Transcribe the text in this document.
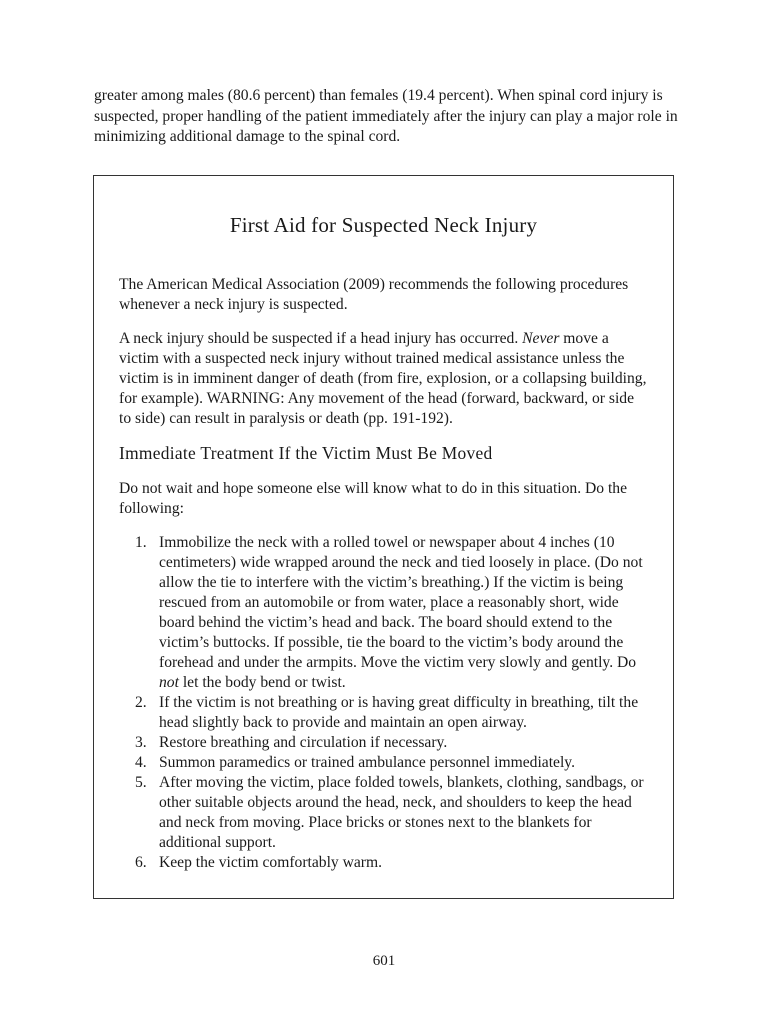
greater among males (80.6 percent) than females (19.4 percent). When spinal cord injury is suspected, proper handling of the patient immediately after the injury can play a major role in minimizing additional damage to the spinal cord.

First Aid for Suspected Neck Injury

The American Medical Association (2009) recommends the following procedures whenever a neck injury is suspected.

A neck injury should be suspected if a head injury has occurred. Never move a victim with a suspected neck injury without trained medical assistance unless the victim is in imminent danger of death (from fire, explosion, or a collapsing building, for example). WARNING: Any movement of the head (forward, backward, or side to side) can result in paralysis or death (pp. 191-192).

Immediate Treatment If the Victim Must Be Moved

Do not wait and hope someone else will know what to do in this situation. Do the following:

1. Immobilize the neck with a rolled towel or newspaper about 4 inches (10 centimeters) wide wrapped around the neck and tied loosely in place. (Do not allow the tie to interfere with the victim’s breathing.) If the victim is being rescued from an automobile or from water, place a reasonably short, wide board behind the victim’s head and back. The board should extend to the victim’s buttocks. If possible, tie the board to the victim’s body around the forehead and under the armpits. Move the victim very slowly and gently. Do not let the body bend or twist.
2. If the victim is not breathing or is having great difficulty in breathing, tilt the head slightly back to provide and maintain an open airway.
3. Restore breathing and circulation if necessary.
4. Summon paramedics or trained ambulance personnel immediately.
5. After moving the victim, place folded towels, blankets, clothing, sandbags, or other suitable objects around the head, neck, and shoulders to keep the head and neck from moving. Place bricks or stones next to the blankets for additional support.
6. Keep the victim comfortably warm.

601
